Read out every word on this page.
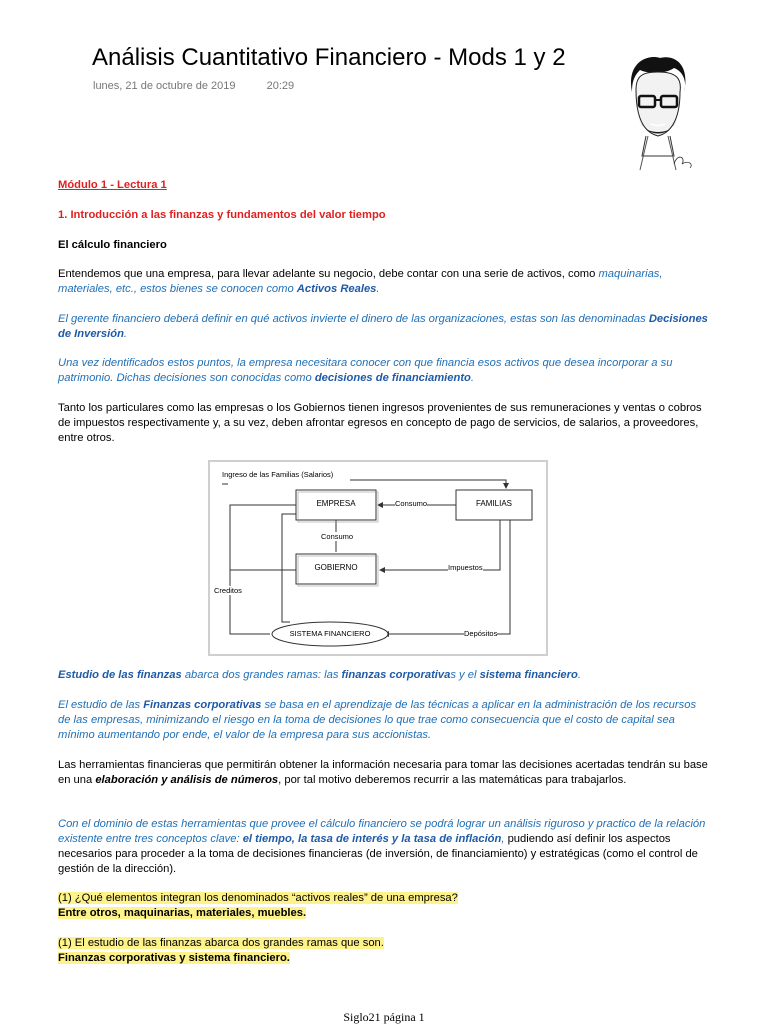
Análisis Cuantitativo Financiero - Mods 1 y 2
lunes, 21 de octubre de 2019	20:29
Módulo 1 - Lectura 1
1. Introducción a las finanzas y fundamentos del valor tiempo
El cálculo financiero
Entendemos que una empresa, para llevar adelante su negocio, debe contar con una serie de activos, como maquinarias, materiales, etc., estos bienes se conocen como Activos Reales.
El gerente financiero deberá definir en qué activos invierte el dinero de las organizaciones, estas son las denominadas Decisiones de Inversión.
Una vez identificados estos puntos, la empresa necesitara conocer con que financia esos activos que desea incorporar a su patrimonio. Dichas decisiones son conocidas como decisiones de financiamiento.
Tanto los particulares como las empresas o los Gobiernos tienen ingresos provenientes de sus remuneraciones y ventas o cobros de impuestos respectivamente y, a su vez, deben afrontar egresos en concepto de pago de servicios, de salarios, a proveedores, entre otros.
Ingreso de las Familias (Salarios)
EMPRESA	FAMILIAS
Consumo
Consumo
GOBIERNO	Impuestos
Creditos
SISTEMA FINANCIERO	Depósitos
Estudio de las finanzas abarca dos grandes ramas: las finanzas corporativas y el sistema financiero.
El estudio de las Finanzas corporativas se basa en el aprendizaje de las técnicas a aplicar en la administración de los recursos de las empresas, minimizando el riesgo en la toma de decisiones lo que trae como consecuencia que el costo de capital sea mínimo aumentando por ende, el valor de la empresa para sus accionistas.
Las herramientas financieras que permitirán obtener la información necesaria para tomar las decisiones acertadas tendrán su base en una elaboración y análisis de números, por tal motivo deberemos recurrir a las matemáticas para trabajarlos.
Con el dominio de estas herramientas que provee el cálculo financiero se podrá lograr un análisis riguroso y practico de la relación existente entre tres conceptos clave: el tiempo, la tasa de interés y la tasa de inflación, pudiendo así definir los aspectos necesarios para proceder a la toma de decisiones financieras (de inversión, de financiamiento) y estratégicas (como el control de gestión de la dirección).
(1) ¿Qué elementos integran los denominados “activos reales” de una empresa?
Entre otros, maquinarias, materiales, muebles.
(1) El estudio de las finanzas abarca dos grandes ramas que son.
Finanzas corporativas y sistema financiero.
Siglo21 página 1
